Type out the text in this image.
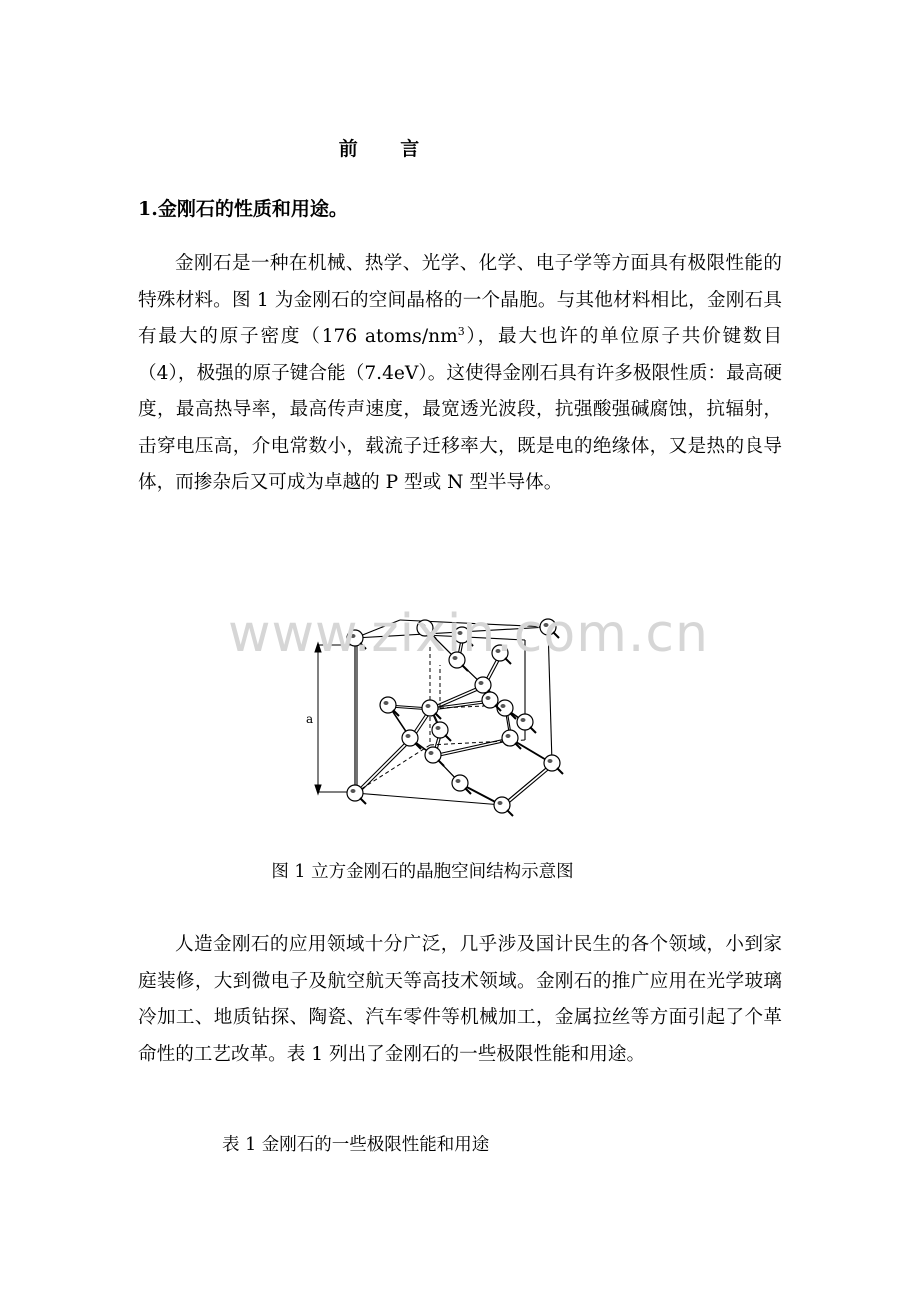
前 言
1.金刚石的性质和用途。

金刚石是一种在机械、热学、光学、化学、电子学等方面具有极限性能的特殊材料。图 1 为金刚石的空间晶格的一个晶胞。与其他材料相比，金刚石具有最大的原子密度（176 atoms/$nm^3$），最大也许的单位原子共价键数目（4），极强的原子键合能（7.4eV）。这使得金刚石具有许多极限性质：最高硬度，最高热导率，最高传声速度，最宽透光波段，抗强酸强碱腐蚀，抗辐射，击穿电压高，介电常数小，载流子迁移率大，既是电的绝缘体，又是热的良导体，而掺杂后又可成为卓越的 P 型或 N 型半导体。

a
www.zixin.com.cn
图 1 立方金刚石的晶胞空间结构示意图

人造金刚石的应用领域十分广泛，几乎涉及国计民生的各个领域，小到家庭装修，大到微电子及航空航天等高技术领域。金刚石的推广应用在光学玻璃冷加工、地质钻探、陶瓷、汽车零件等机械加工，金属拉丝等方面引起了个革命性的工艺改革。表 1 列出了金刚石的一些极限性能和用途。

表 1 金刚石的一些极限性能和用途
